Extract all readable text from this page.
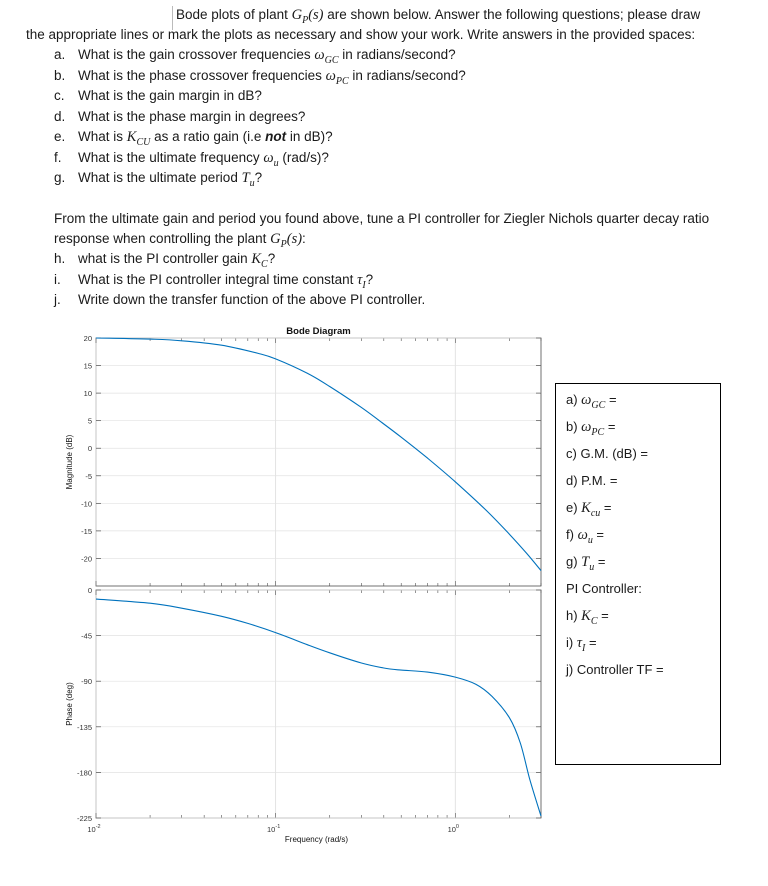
Bode plots of plant $G_P(s)$ are shown below. Answer the following questions; please draw
the appropriate lines or mark the plots as necessary and show your work. Write answers in the provided spaces:
a. What is the gain crossover frequencies $\omega_{GC}$ in radians/second?
b. What is the phase crossover frequencies $\omega_{PC}$ in radians/second?
c. What is the gain margin in dB?
d. What is the phase margin in degrees?
e. What is $K_{CU}$ as a ratio gain (i.e not in dB)?
f. What is the ultimate frequency $\omega_u$ (rad/s)?
g. What is the ultimate period $T_u$?
From the ultimate gain and period you found above, tune a PI controller for Ziegler Nichols quarter decay ratio
response when controlling the plant $G_P(s)$:
h. what is the PI controller gain $K_C$?
i. What is the PI controller integral time constant $\tau_I$?
j. Write down the transfer function of the above PI controller.
Bode Diagram
20
15
10
5
0
-5
-10
-15
-20
Magnitude (dB)
0
-45
-90
-135
-180
-225
Phase (deg)
$10^{-2}$	$10^{-1}$	$10^0$
Frequency (rad/s)
a) $\omega_{GC}$ =
b) $\omega_{PC}$ =
c) G.M. (dB) =
d) P.M. =
e) $K_{cu}$ =
f) $\omega_u$ =
g) $T_u$ =
PI Controller:
h) $K_C$ =
i) $\tau_I$ =
j) Controller TF =
